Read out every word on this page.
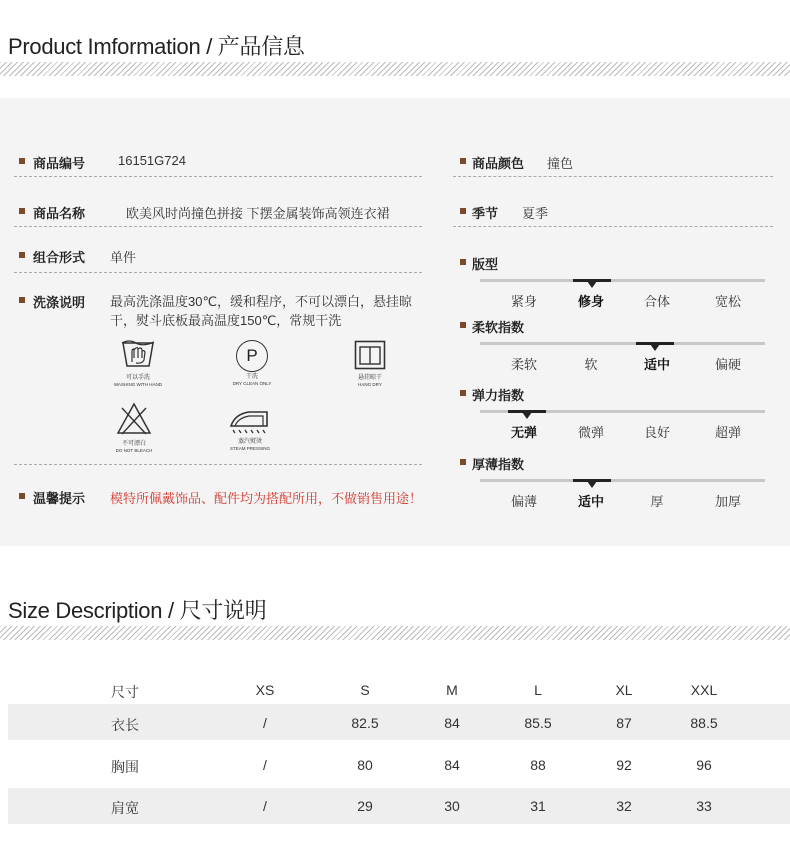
Product Imformation / 产品信息
商品编号	16151G724
商品名称	欧美风时尚撞色拼接 下摆金属装饰高领连衣裙
组合形式 单件
洗涤说明 最高洗涤温度30℃，缓和程序，不可以漂白，悬挂晾干，熨斗底板最高温度150℃，常规干洗
可以手洗
WASHING WITH HAND
P
干洗
DRY CLEAN ONLY
悬挂晾干
HANG DRY
不可漂白
DO NOT BLEACH
蒸汽熨烫
STEAM PRESSING
温馨提示 模特所佩戴饰品、配件均为搭配所用，不做销售用途！
商品颜色 撞色
季节 夏季
版型
紧身	修身	合体	宽松
柔软指数
柔软	软	适中	偏硬
弹力指数
无弹	微弹	良好	超弹
厚薄指数
偏薄	适中	厚	加厚
Size Description / 尺寸说明
尺寸	XS	S	M	L	XL	XXL
衣长	/	82.5	84	85.5	87	88.5
胸围	/	80	84	88	92	96
肩宽	/	29	30	31	32	33
